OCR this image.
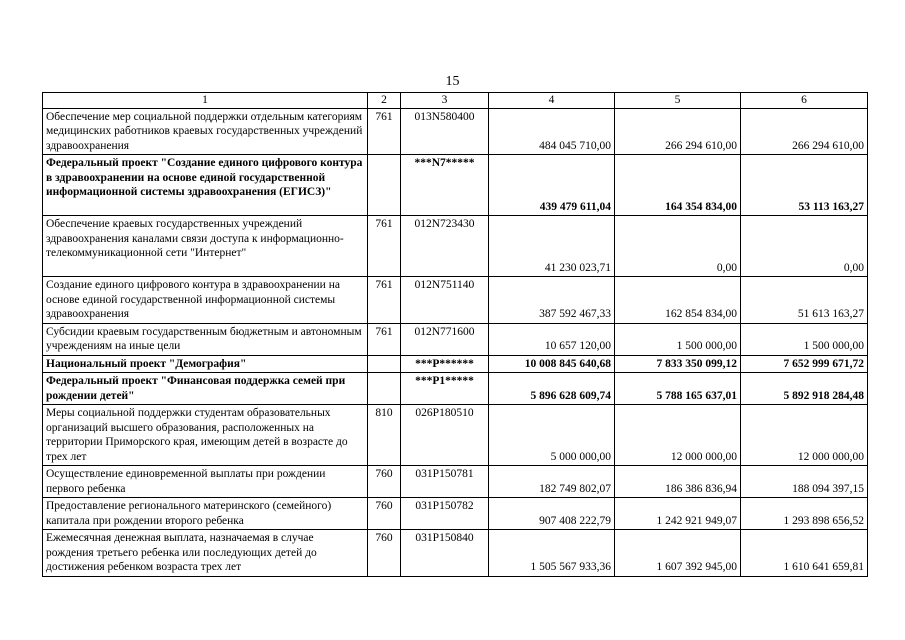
15
1	2	3	4	5	6
Обеспечение мер социальной поддержки отдельным категориям медицинских работников краевых государственных учреждений здравоохранения	761	013N580400	484 045 710,00	266 294 610,00	266 294 610,00
Федеральный проект "Создание единого цифрового контура в здравоохранении на основе единой государственной информационной системы здравоохранения (ЕГИСЗ)"		***N7*****	439 479 611,04	164 354 834,00	53 113 163,27
Обеспечение краевых государственных учреждений здравоохранения каналами связи доступа к информационно-телекоммуникационной сети "Интернет"	761	012N723430	41 230 023,71	0,00	0,00
Создание единого цифрового контура в здравоохранении на основе единой государственной информационной системы здравоохранения	761	012N751140	387 592 467,33	162 854 834,00	51 613 163,27
Субсидии краевым государственным бюджетным и автономным учреждениям на иные цели	761	012N771600	10 657 120,00	1 500 000,00	1 500 000,00
Национальный проект "Демография"		***P******	10 008 845 640,68	7 833 350 099,12	7 652 999 671,72
Федеральный проект "Финансовая поддержка семей при рождении детей"		***P1*****	5 896 628 609,74	5 788 165 637,01	5 892 918 284,48
Меры социальной поддержки студентам образовательных организаций высшего образования, расположенных на территории Приморского края, имеющим детей в возрасте до трех лет	810	026P180510	5 000 000,00	12 000 000,00	12 000 000,00
Осуществление единовременной выплаты при рождении первого ребенка	760	031P150781	182 749 802,07	186 386 836,94	188 094 397,15
Предоставление регионального материнского (семейного) капитала при рождении второго ребенка	760	031P150782	907 408 222,79	1 242 921 949,07	1 293 898 656,52
Ежемесячная денежная выплата, назначаемая в случае рождения третьего ребенка или последующих детей до достижения ребенком возраста трех лет	760	031P150840	1 505 567 933,36	1 607 392 945,00	1 610 641 659,81
